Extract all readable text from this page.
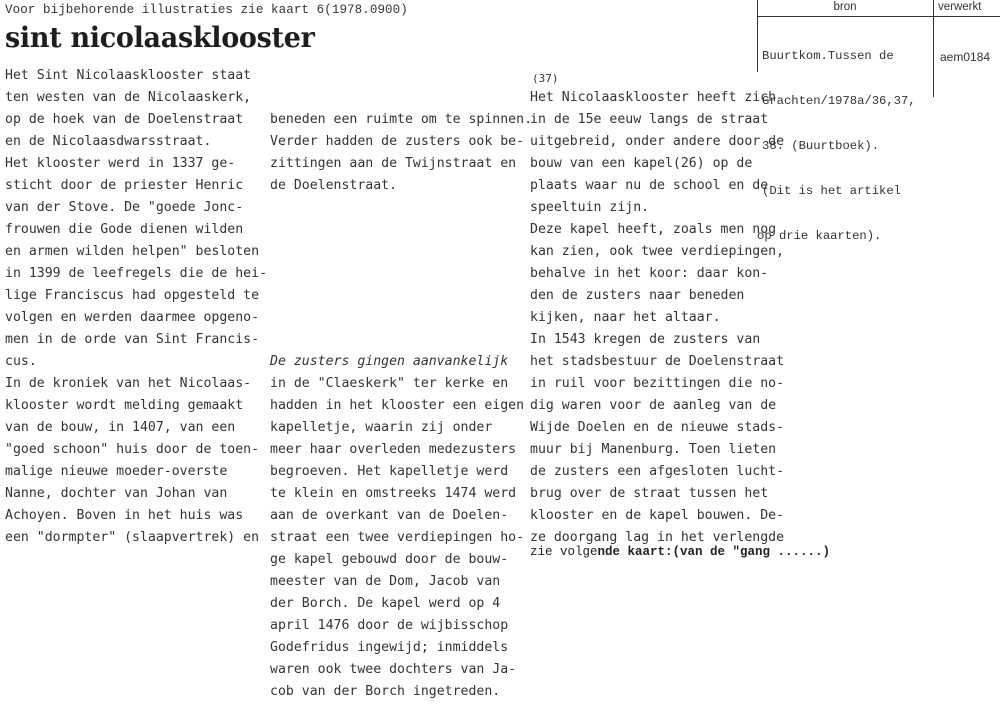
Voor bijbehorende illustraties zie kaart 6(1978.0900)
sint nicolaasklooster
bron	verwerkt

Buurtkom.Tussen de

Grachten/1978a/36,37,

38. (Buurtboek).

(Dit is het artikel

op drie kaarten).

aem0184
Het Sint Nicolaasklooster staat
ten westen van de Nicolaaskerk,
op de hoek van de Doelenstraat
en de Nicolaasdwarsstraat.
Het klooster werd in 1337 ge-
sticht door de priester Henric
van der Stove. De "goede Jonc-
frouwen die Gode dienen wilden
en armen wilden helpen" besloten
in 1399 de leefregels die de hei-
lige Franciscus had opgesteld te
volgen en werden daarmee opgeno-
men in de orde van Sint Francis-
cus.
In de kroniek van het Nicolaas-
klooster wordt melding gemaakt
van de bouw, in 1407, van een
"goed schoon" huis door de toen-
malige nieuwe moeder-overste
Nanne, dochter van Johan van
Achoyen. Boven in het huis was
een "dormpter" (slaapvertrek) en

beneden een ruimte om te spinnen.
Verder hadden de zusters ook be-
zittingen aan de Twijnstraat en
de Doelenstraat.

De zusters gingen aanvankelijk
in de "Claeskerk" ter kerke en
hadden in het klooster een eigen
kapelletje, waarin zij onder
meer haar overleden medezusters
begroeven. Het kapelletje werd
te klein en omstreeks 1474 werd
aan de overkant van de Doelen-
straat een twee verdiepingen ho-
ge kapel gebouwd door de bouw-
meester van de Dom, Jacob van
der Borch. De kapel werd op 4
april 1476 door de wijbisschop
Godefridus ingewijd; inmiddels
waren ook twee dochters van Ja-
cob van der Borch ingetreden.

(37)
Het Nicolaasklooster heeft zich
in de 15e eeuw langs de straat
uitgebreid, onder andere door de
bouw van een kapel(26) op de
plaats waar nu de school en de
speeltuin zijn.
Deze kapel heeft, zoals men nog
kan zien, ook twee verdiepingen,
behalve in het koor: daar kon-
den de zusters naar beneden
kijken, naar het altaar.
In 1543 kregen de zusters van
het stadsbestuur de Doelenstraat
in ruil voor bezittingen die no-
dig waren voor de aanleg van de
Wijde Doelen en de nieuwe stads-
muur bij Manenburg. Toen lieten
de zusters een afgesloten lucht-
brug over de straat tussen het
klooster en de kapel bouwen. De-
ze doorgang lag in het verlengde
zie volgende kaart:(van de "gang ......)
